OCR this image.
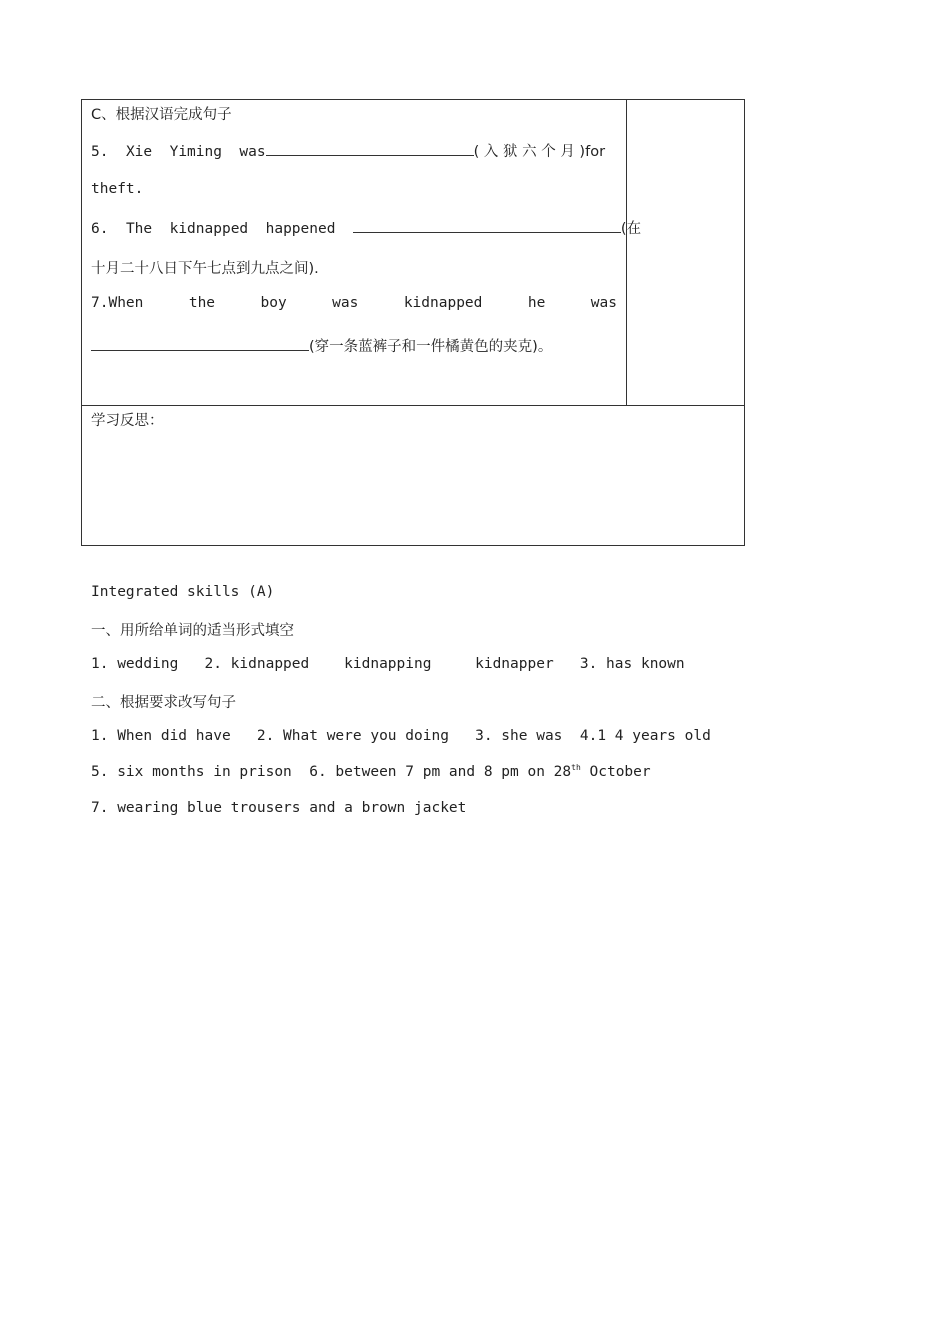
C、根据汉语完成句子
5. Xie  Yiming  was	( 入 狱 六 个 月 )for
theft.
6. The  kidnapped  happened	(在
十月二十八日下午七点到九点之间).
7.When	the	boy	was	kidnapped	he	was
(穿一条蓝裤子和一件橘黄色的夹克)。
学习反思：
Integrated skills (A)
一、用所给单词的适当形式填空
1. wedding   2. kidnapped    kidnapping     kidnapper   3. has known
二、根据要求改写句子
1. When did have   2. What were you doing   3. she was  4.1 4 years old
5. six months in prison  6. between 7 pm and 8 pm on 28th October
7. wearing blue trousers and a brown jacket
